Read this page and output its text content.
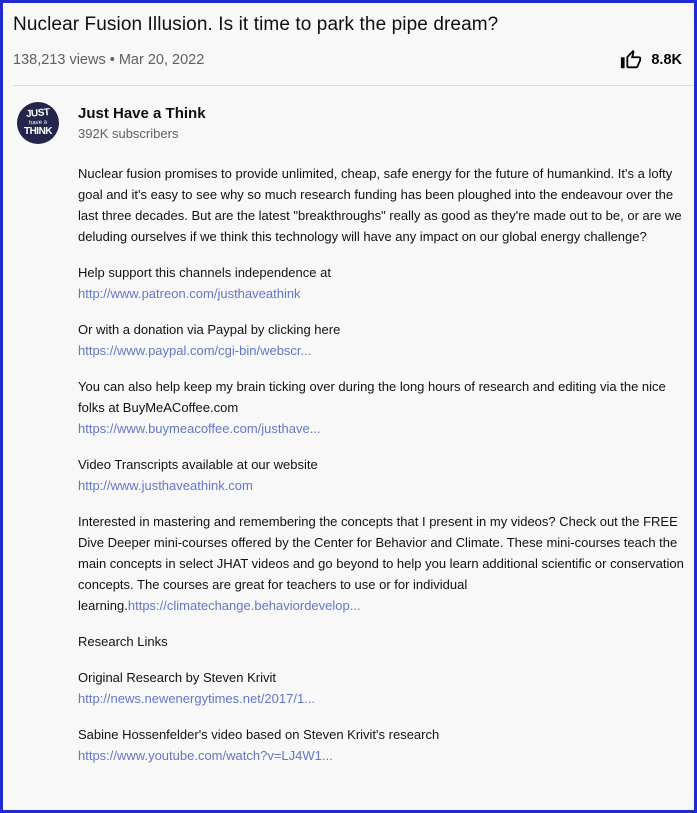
Nuclear Fusion Illusion. Is it time to park the pipe dream?
138,213 views • Mar 20, 2022	8.8K
JUST
have a
THINK
Just Have a Think
392K subscribers
Nuclear fusion promises to provide unlimited, cheap, safe energy for the future of humankind. It's a lofty goal and it's easy to see why so much research funding has been ploughed into the endeavour over the last three decades. But are the latest "breakthroughs" really as good as they're made out to be, or are we deluding ourselves if we think this technology will have any impact on our global energy challenge?
Help support this channels independence at
http://www.patreon.com/justhaveathink
Or with a donation via Paypal by clicking here
https://www.paypal.com/cgi-bin/webscr...
You can also help keep my brain ticking over during the long hours of research and editing via the nice folks at BuyMeACoffee.com
https://www.buymeacoffee.com/justhave...
Video Transcripts available at our website
http://www.justhaveathink.com
Interested in mastering and remembering the concepts that I present in my videos? Check out the FREE Dive Deeper mini-courses offered by the Center for Behavior and Climate. These mini-courses teach the main concepts in select JHAT videos and go beyond to help you learn additional scientific or conservation concepts. The courses are great for teachers to use or for individual learning.https://climatechange.behaviordevelop...
Research Links
Original Research by Steven Krivit
http://news.newenergytimes.net/2017/1...
Sabine Hossenfelder's video based on Steven Krivit's research
https://www.youtube.com/watch?v=LJ4W1...
